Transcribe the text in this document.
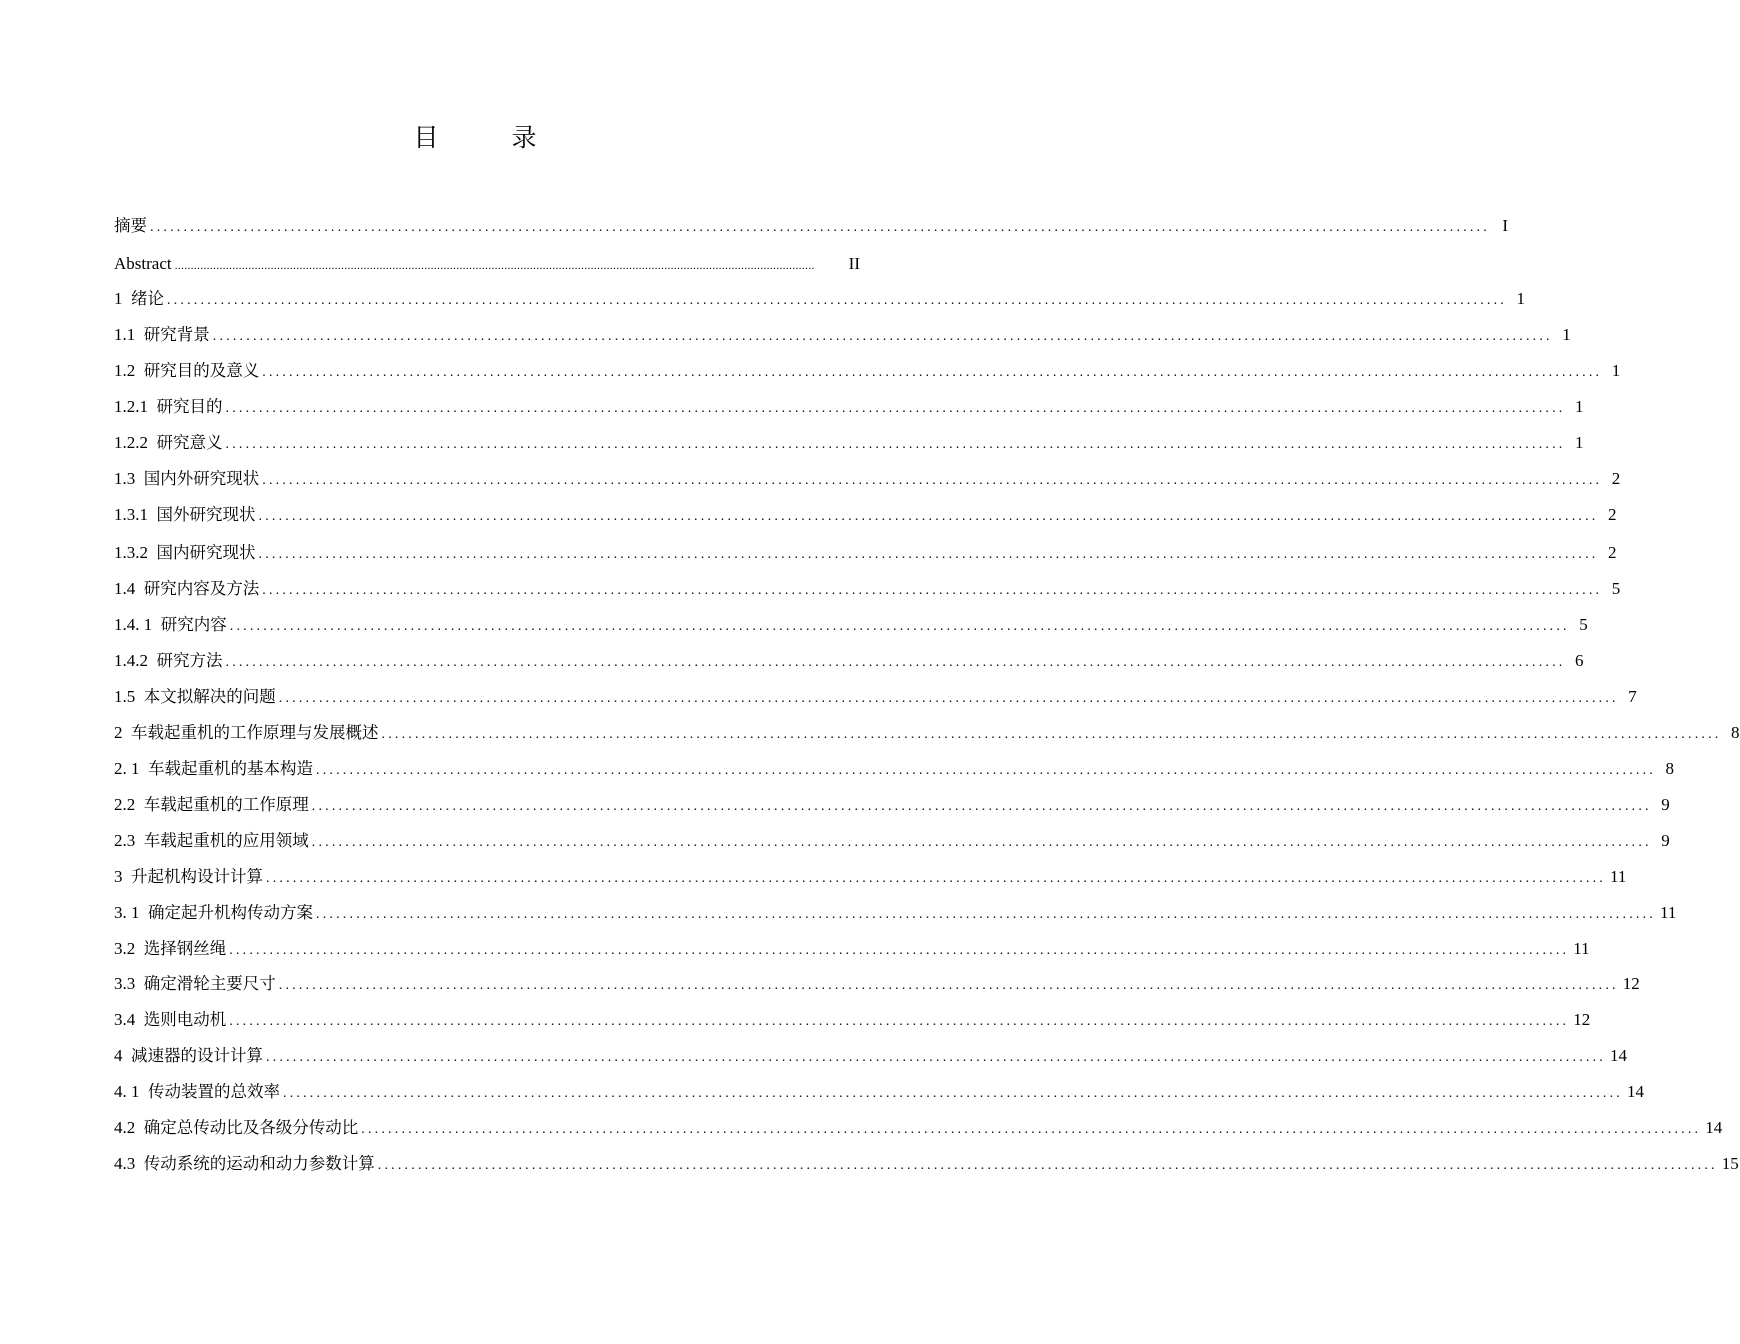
目　录
摘要 ........................................................................................................................................................................................................ I
Abstract ........................................................................................................................................................................................................	II
1  绪论 ........................................................................................................................................................................................................ 1
1.1  研究背景 ........................................................................................................................................................................................................ 1
1.2  研究目的及意义 ........................................................................................................................................................................................................ 1
1.2.1  研究目的 ........................................................................................................................................................................................................ 1
1.2.2  研究意义 ........................................................................................................................................................................................................ 1
1.3  国内外研究现状 ........................................................................................................................................................................................................ 2
1.3.1  国外研究现状 ........................................................................................................................................................................................................ 2
1.3.2  国内研究现状 ........................................................................................................................................................................................................ 2
1.4  研究内容及方法 ........................................................................................................................................................................................................ 5
1.4. 1  研究内容 ........................................................................................................................................................................................................ 5
1.4.2  研究方法 ........................................................................................................................................................................................................ 6
1.5  本文拟解决的问题 ........................................................................................................................................................................................................ 7
2  车载起重机的工作原理与发展概述 ........................................................................................................................................................................................................ 8
2. 1  车载起重机的基本构造 ........................................................................................................................................................................................................ 8
2.2  车载起重机的工作原理 ........................................................................................................................................................................................................ 9
2.3  车载起重机的应用领域 ........................................................................................................................................................................................................ 9
3  升起机构设计计算 ........................................................................................................................................................................................................ 11
3. 1  确定起升机构传动方案 ........................................................................................................................................................................................................ 11
3.2  选择钢丝绳 ........................................................................................................................................................................................................ 11
3.3  确定滑轮主要尺寸 ........................................................................................................................................................................................................ 12
3.4  选则电动机 ........................................................................................................................................................................................................ 12
4  减速器的设计计算 ........................................................................................................................................................................................................ 14
4. 1  传动装置的总效率 ........................................................................................................................................................................................................ 14
4.2  确定总传动比及各级分传动比 ........................................................................................................................................................................................................ 14
4.3  传动系统的运动和动力参数计算 ........................................................................................................................................................................................................ 15
